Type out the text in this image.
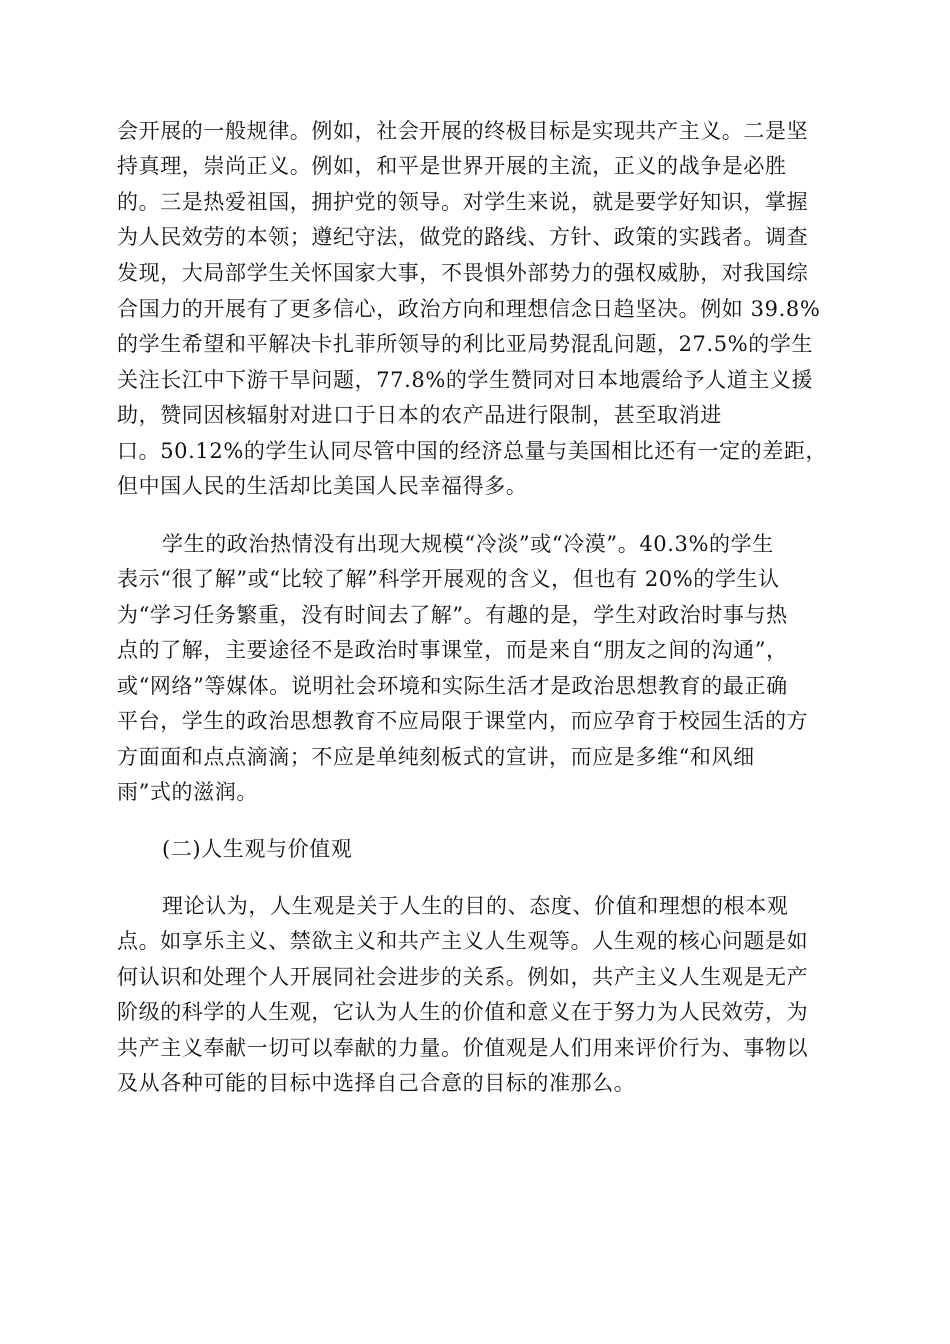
会开展的一般规律。例如，社会开展的终极目标是实现共产主义。二是坚

持真理，崇尚正义。例如，和平是世界开展的主流，正义的战争是必胜

的。三是热爱祖国，拥护党的领导。对学生来说，就是要学好知识，掌握

为人民效劳的本领；遵纪守法，做党的路线、方针、政策的实践者。调查

发现，大局部学生关怀国家大事，不畏惧外部势力的强权威胁，对我国综

合国力的开展有了更多信心，政治方向和理想信念日趋坚决。例如 39.8%

的学生希望和平解决卡扎菲所领导的利比亚局势混乱问题，27.5%的学生

关注长江中下游干旱问题，77.8%的学生赞同对日本地震给予人道主义援

助，赞同因核辐射对进口于日本的农产品进行限制，甚至取消进

口。50.12%的学生认同尽管中国的经济总量与美国相比还有一定的差距，

但中国人民的生活却比美国人民幸福得多。

学生的政治热情没有出现大规模“冷淡”或“冷漠”。40.3%的学生

表示“很了解”或“比较了解”科学开展观的含义，但也有 20%的学生认

为“学习任务繁重，没有时间去了解”。有趣的是，学生对政治时事与热

点的了解，主要途径不是政治时事课堂，而是来自“朋友之间的沟通”，

或“网络”等媒体。说明社会环境和实际生活才是政治思想教育的最正确

平台，学生的政治思想教育不应局限于课堂内，而应孕育于校园生活的方

方面面和点点滴滴；不应是单纯刻板式的宣讲，而应是多维“和风细

雨”式的滋润。

(二)人生观与价值观

理论认为，人生观是关于人生的目的、态度、价值和理想的根本观

点。如享乐主义、禁欲主义和共产主义人生观等。人生观的核心问题是如

何认识和处理个人开展同社会进步的关系。例如，共产主义人生观是无产

阶级的科学的人生观，它认为人生的价值和意义在于努力为人民效劳，为

共产主义奉献一切可以奉献的力量。价值观是人们用来评价行为、事物以

及从各种可能的目标中选择自己合意的目标的准那么。
